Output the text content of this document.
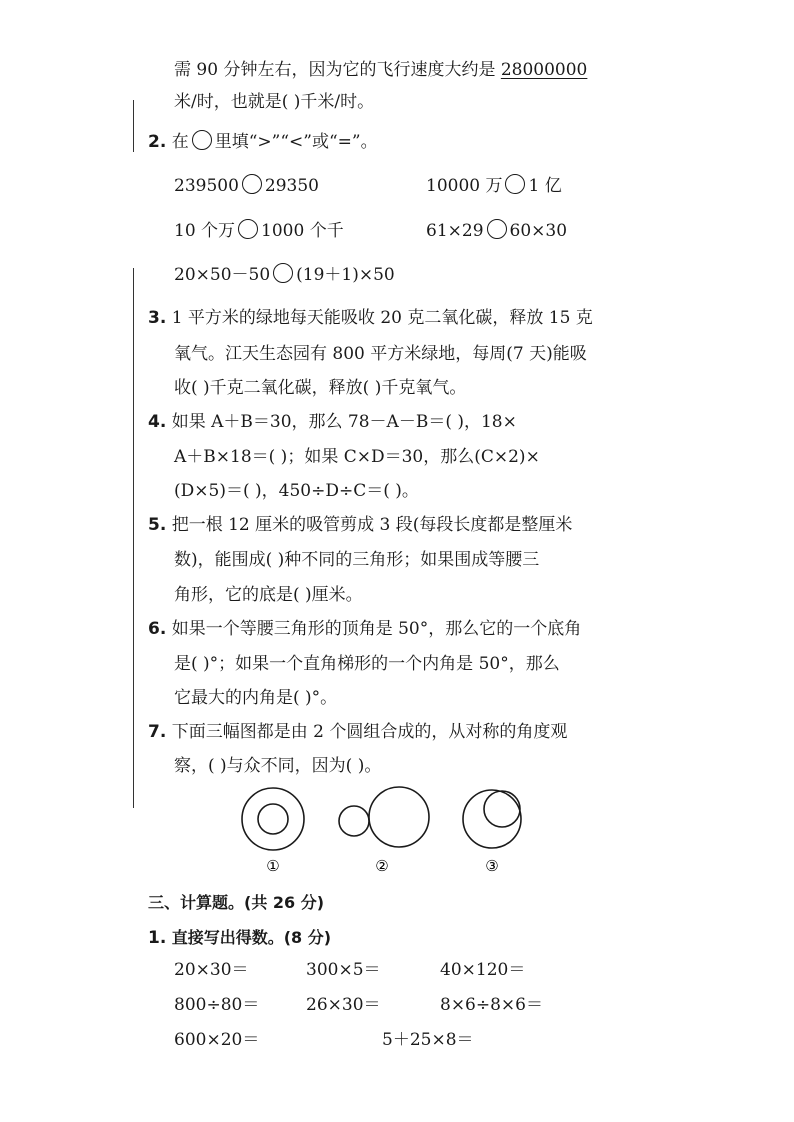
需 90 分钟左右，因为它的飞行速度大约是 28000000
米/时，也就是( )千米/时。
2. 在 里填“>”“<”或“=”。
239500 29350	10000 万 1 亿
10 个万 1000 个千	61×29 60×30
20×50－50 (19＋1)×50
3. 1 平方米的绿地每天能吸收 20 克二氧化碳，释放 15 克
氧气。江天生态园有 800 平方米绿地，每周(7 天)能吸
收( )千克二氧化碳，释放( )千克氧气。
4. 如果 A＋B＝30，那么 78－A－B＝( )，18×
A＋B×18＝( )；如果 C×D＝30，那么(C×2)×
(D×5)＝( )，450÷D÷C＝( )。
5. 把一根 12 厘米的吸管剪成 3 段(每段长度都是整厘米
数)，能围成( )种不同的三角形；如果围成等腰三
角形，它的底是( )厘米。
6. 如果一个等腰三角形的顶角是 50°，那么它的一个底角
是( )°；如果一个直角梯形的一个内角是 50°，那么
它最大的内角是( )°。
7. 下面三幅图都是由 2 个圆组合成的，从对称的角度观
察，( )与众不同，因为( )。
①	②	③
三、计算题。(共 26 分)
1. 直接写出得数。(8 分)
20×30＝	300×5＝	40×120＝
800÷80＝	26×30＝	8×6÷8×6＝
600×20＝	5＋25×8＝
